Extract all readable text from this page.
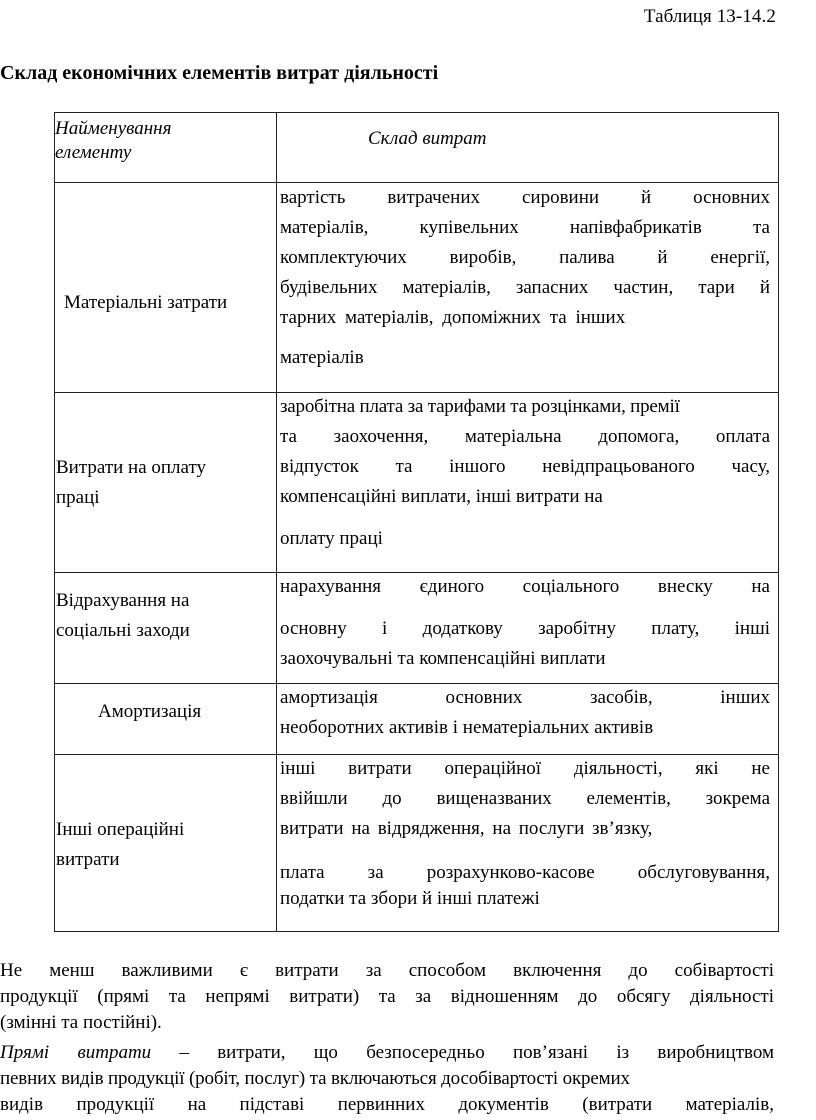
Таблиця 13-14.2
Склад економічних елементів витрат діяльності
Найменування
елементу
Склад витрат
Матеріальні затрати
вартість витрачених сировини й основних
матеріалів, купівельних напівфабрикатів та
комплектуючих виробів, палива й енергії,
будівельних матеріалів, запасних частин, тари й
тарних матеріалів, допоміжних та інших
матеріалів
Витрати на оплату
праці
заробітна плата за тарифами та розцінками, премії
та заохочення, матеріальна допомога, оплата
відпусток та іншого невідпрацьованого часу,
компенсаційні виплати, інші витрати на
оплату праці
Відрахування на
соціальні заходи
нарахування єдиного соціального внеску на
основну і додаткову заробітну плату, інші
заохочувальні та компенсаційні виплати
Амортизація
амортизація основних засобів, інших
необоротних активів і нематеріальних активів
Інші операційні
витрати
інші витрати операційної діяльності, які не
ввійшли до вищеназваних елементів, зокрема
витрати на відрядження, на послуги зв’язку,
плата за розрахунково-касове обслуговування,
податки та збори й інші платежі
Не менш важливими є витрати за способом включення до собівартості
продукції (прямі та непрямі витрати) та за відношенням до обсягу діяльності
(змінні та постійні).
Прямі витрати – витрати, що безпосередньо пов’язані із виробництвом
певних видів продукції (робіт, послуг) та включаються дособівартості окремих
видів продукції на підставі первинних документів (витрати матеріалів,
